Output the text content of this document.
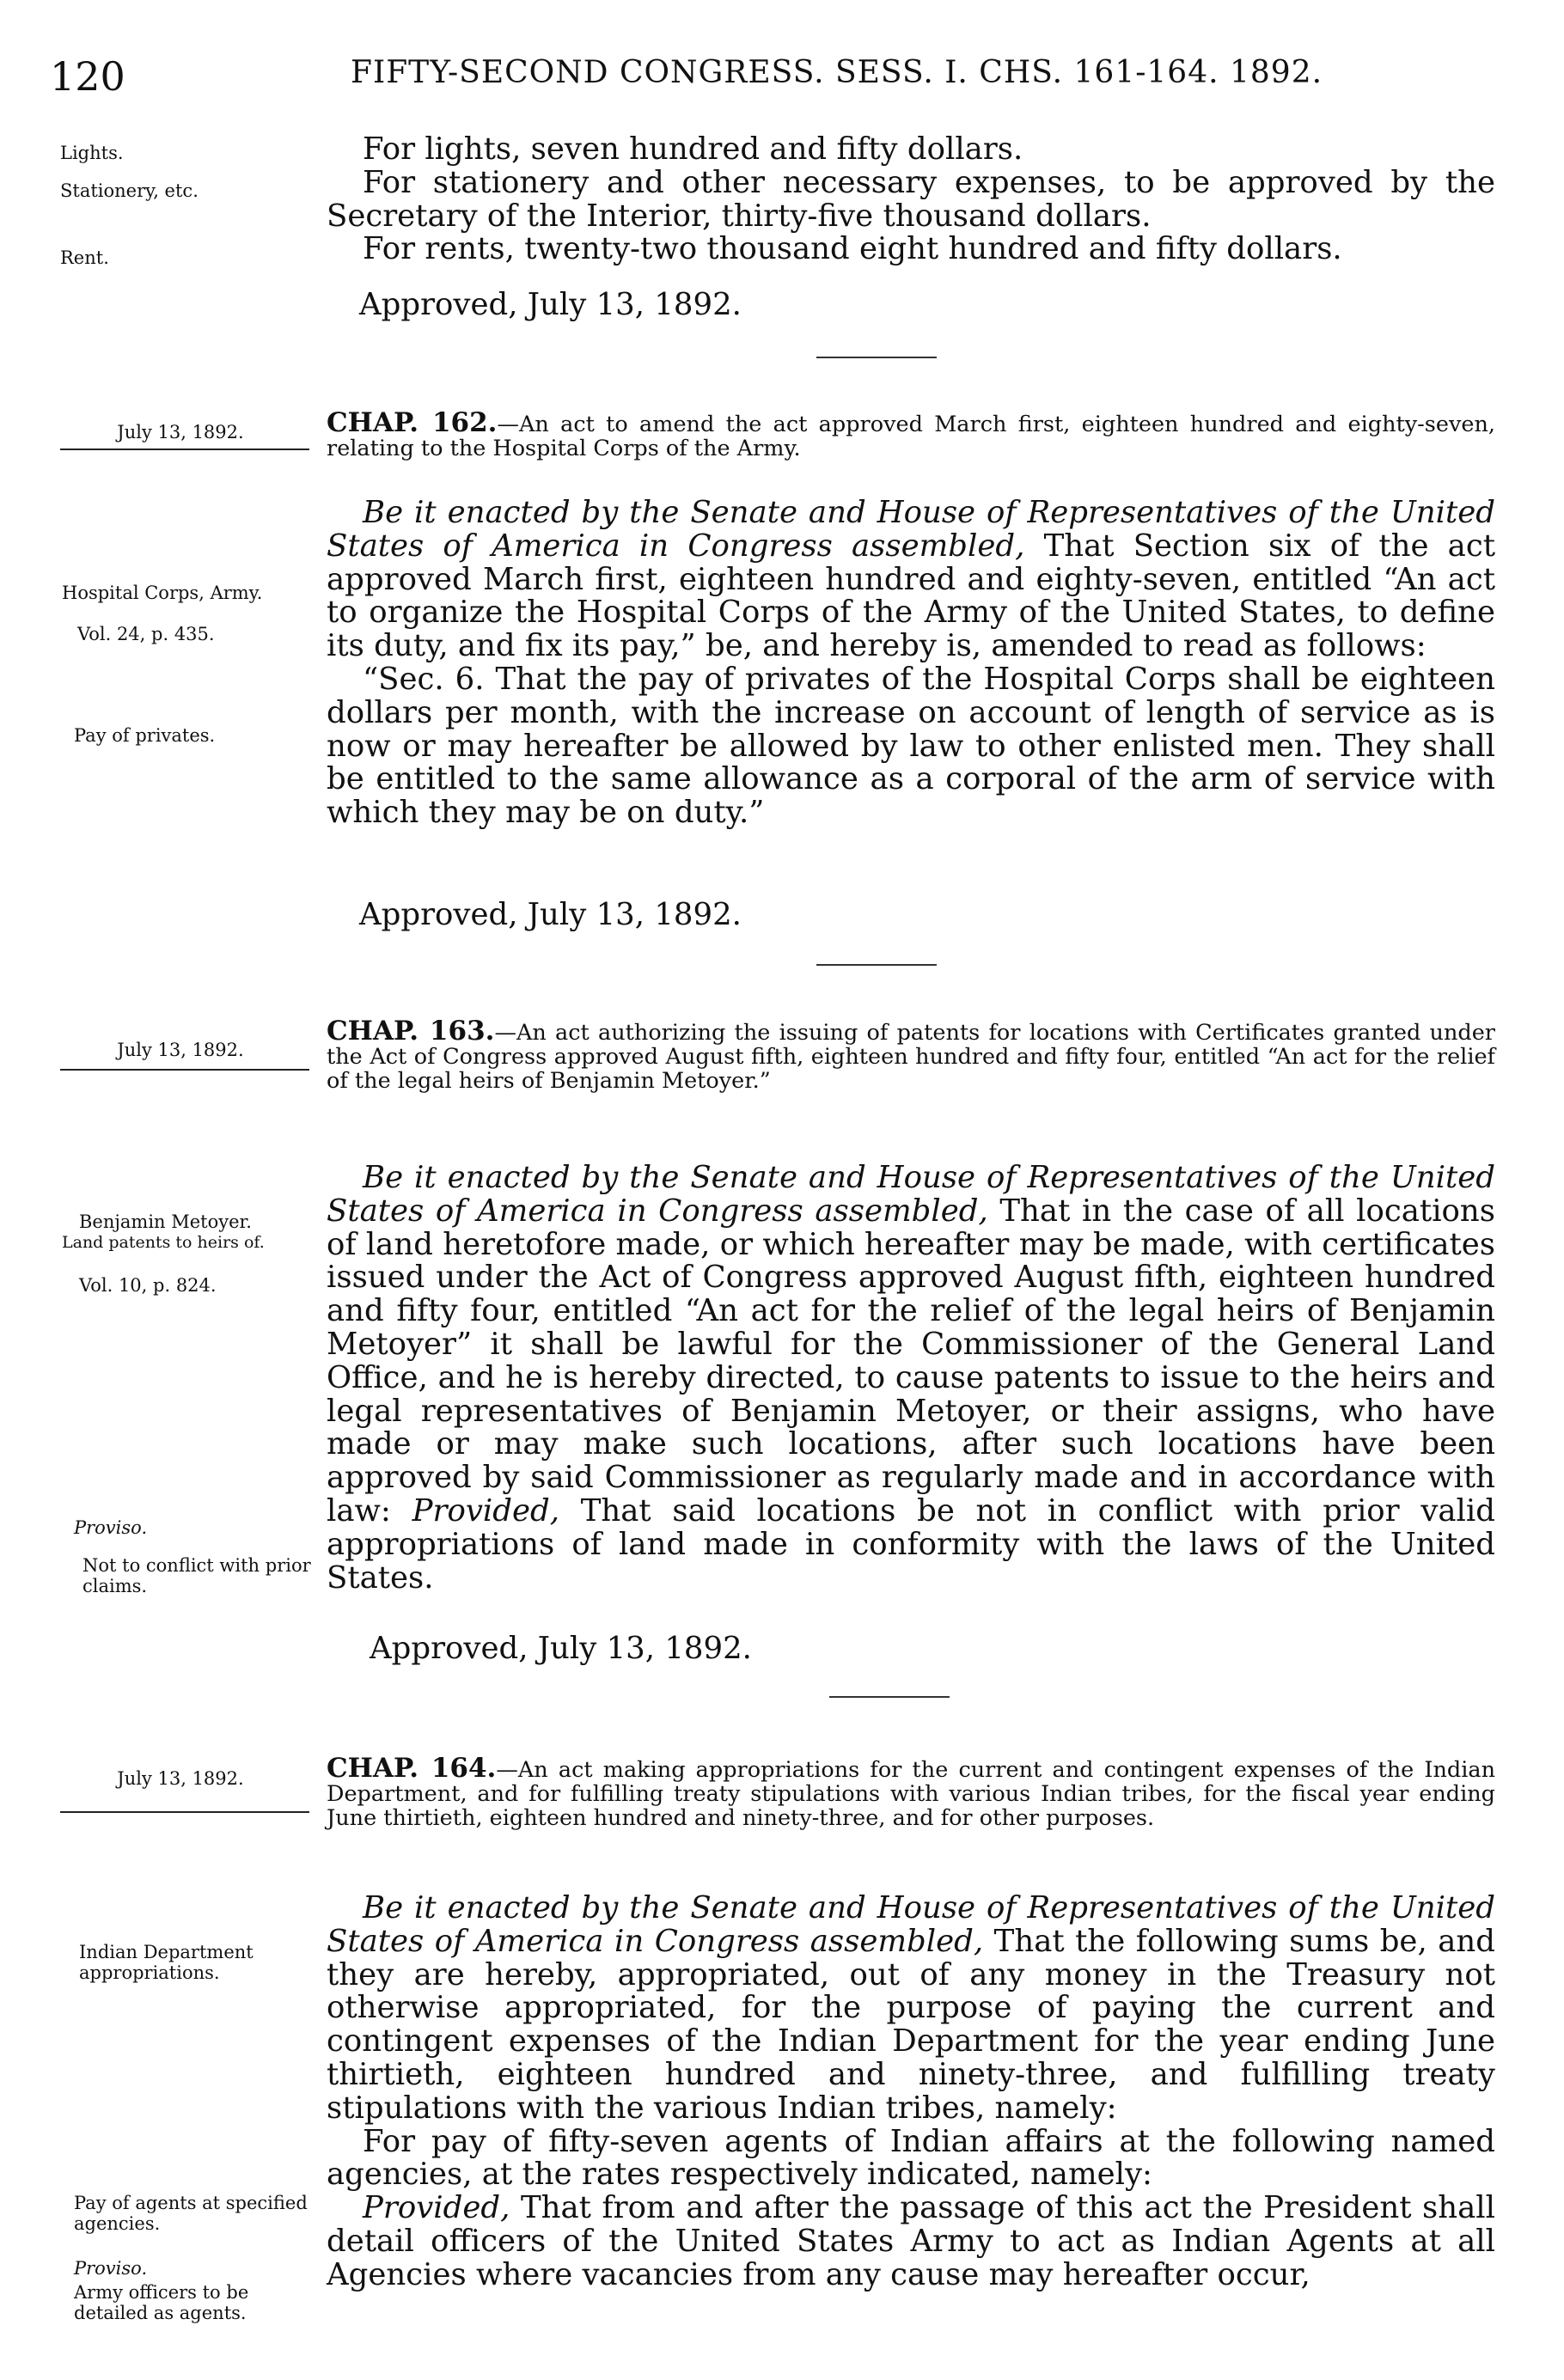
120	FIFTY-SECOND CONGRESS. SESS. I. CHS. 161-164. 1892.
Lights.
Stationery, etc.
Rent.

For lights, seven hundred and fifty dollars.

For stationery and other necessary expenses, to be approved by the Secretary of the Interior, thirty-five thousand dollars.

For rents, twenty-two thousand eight hundred and fifty dollars.

Approved, July 13, 1892.
July 13, 1892.	CHAP. 162.—An act to amend the act approved March first, eighteen hundred and eighty-seven, relating to the Hospital Corps of the Army.

Be it enacted by the Senate and House of Representatives of the United States of America in Congress assembled, That Section six of the act approved March first, eighteen hundred and eighty-seven, entitled “An act to organize the Hospital Corps of the Army of the United States, to define its duty, and fix its pay,” be, and hereby is, amended to read as follows:

“Sec. 6. That the pay of privates of the Hospital Corps shall be eighteen dollars per month, with the increase on account of length of service as is now or may hereafter be allowed by law to other enlisted men. They shall be entitled to the same allowance as a corporal of the arm of service with which they may be on duty.”

Approved, July 13, 1892.
Hospital Corps, Army.
Vol. 24, p. 435.
Pay of privates.
July 13, 1892.
CHAP. 163.—An act authorizing the issuing of patents for locations with Certificates granted under the Act of Congress approved August fifth, eighteen hundred and fifty four, entitled “An act for the relief of the legal heirs of Benjamin Metoyer.”

Be it enacted by the Senate and House of Representatives of the United States of America in Congress assembled, That in the case of all locations of land heretofore made, or which hereafter may be made, with certificates issued under the Act of Congress approved August fifth, eighteen hundred and fifty four, entitled “An act for the relief of the legal heirs of Benjamin Metoyer” it shall be lawful for the Commissioner of the General Land Office, and he is hereby directed, to cause patents to issue to the heirs and legal representatives of Benjamin Metoyer, or their assigns, who have made or may make such locations, after such locations have been approved by said Commissioner as regularly made and in accordance with law: Provided, That said locations be not in conflict with prior valid appropriations of land made in conformity with the laws of the United States.

Approved, July 13, 1892.
Benjamin Metoyer.
Land patents to heirs of.
Vol. 10, p. 824.
Proviso.
Not to conflict with prior claims.
July 13, 1892.	CHAP. 164.—An act making appropriations for the current and contingent expenses of the Indian Department, and for fulfilling treaty stipulations with various Indian tribes, for the fiscal year ending June thirtieth, eighteen hundred and ninety-three, and for other purposes.

Be it enacted by the Senate and House of Representatives of the United States of America in Congress assembled, That the following sums be, and they are hereby, appropriated, out of any money in the Treasury not otherwise appropriated, for the purpose of paying the current and contingent expenses of the Indian Department for the year ending June thirtieth, eighteen hundred and ninety-three, and fulfilling treaty stipulations with the various Indian tribes, namely:

For pay of fifty-seven agents of Indian affairs at the following named agencies, at the rates respectively indicated, namely:

Provided, That from and after the passage of this act the President shall detail officers of the United States Army to act as Indian Agents at all Agencies where vacancies from any cause may hereafter occur,

Indian Department appropriations.
Pay of agents at specified agencies.
Proviso.
Army officers to be detailed as agents.
